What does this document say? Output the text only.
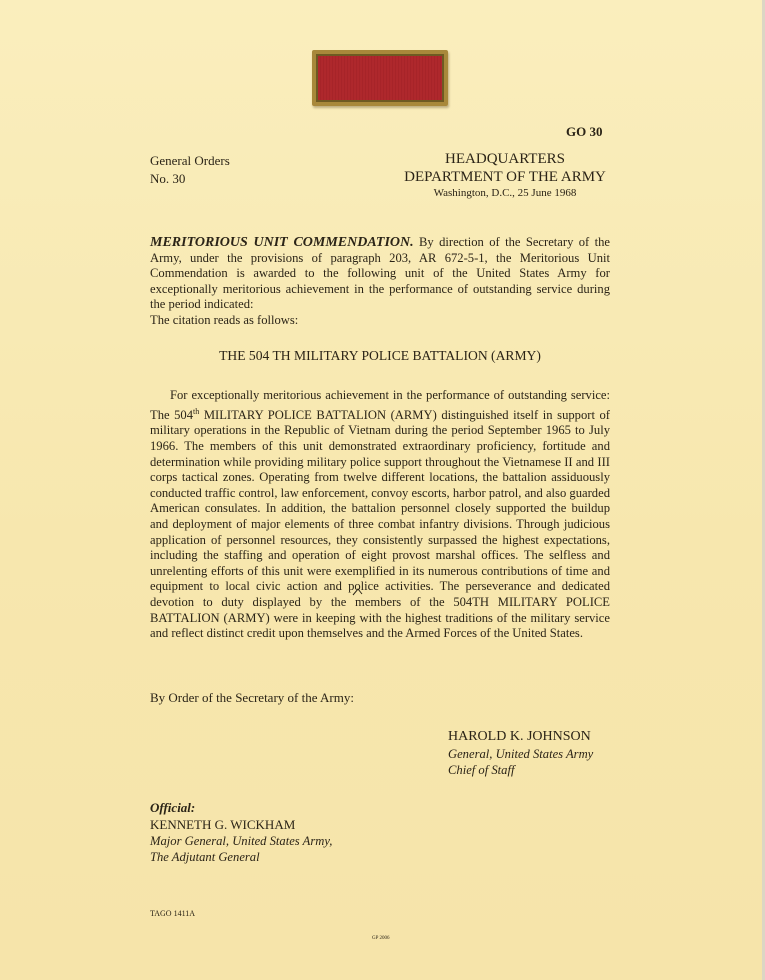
GO 30
General Orders
No. 30
HEADQUARTERS
DEPARTMENT OF THE ARMY
Washington, D.C., 25 June 1968
MERITORIOUS UNIT COMMENDATION. By direction of the Secretary of the Army, under the provisions of paragraph 203, AR 672-5-1, the Meritorious Unit Commendation is awarded to the following unit of the United States Army for exceptionally meritorious achievement in the performance of outstanding service during the period indicated:
The citation reads as follows:
THE 504 TH MILITARY POLICE BATTALION (ARMY)
For exceptionally meritorious achievement in the performance of outstanding service: The 504th MILITARY POLICE BATTALION (ARMY) distinguished itself in support of military operations in the Republic of Vietnam during the period September 1965 to July 1966. The members of this unit demonstrated extraordinary proficiency, fortitude and determination while providing military police support throughout the Vietnamese II and III corps tactical zones. Operating from twelve different locations, the battalion assiduously conducted traffic control, law enforcement, convoy escorts, harbor patrol, and also guarded American consulates. In addition, the battalion personnel closely supported the buildup and deployment of major elements of three combat infantry divisions. Through judicious application of personnel resources, they consistently surpassed the highest expectations, including the staffing and operation of eight provost marshal offices. The selfless and unrelenting efforts of this unit were exemplified in its numerous contributions of time and equipment to local civic action and police activities. The perseverance and dedicated devotion to duty displayed by the members of the 504TH MILITARY POLICE BATTALION (ARMY) were in keeping with the highest traditions of the military service and reflect distinct credit upon themselves and the Armed Forces of the United States.
By Order of the Secretary of the Army:
HAROLD K. JOHNSON
General, United States Army
Chief of Staff
Official:
KENNETH G. WICKHAM
Major General, United States Army,
The Adjutant General
TAGO 1411A
GP 2006
